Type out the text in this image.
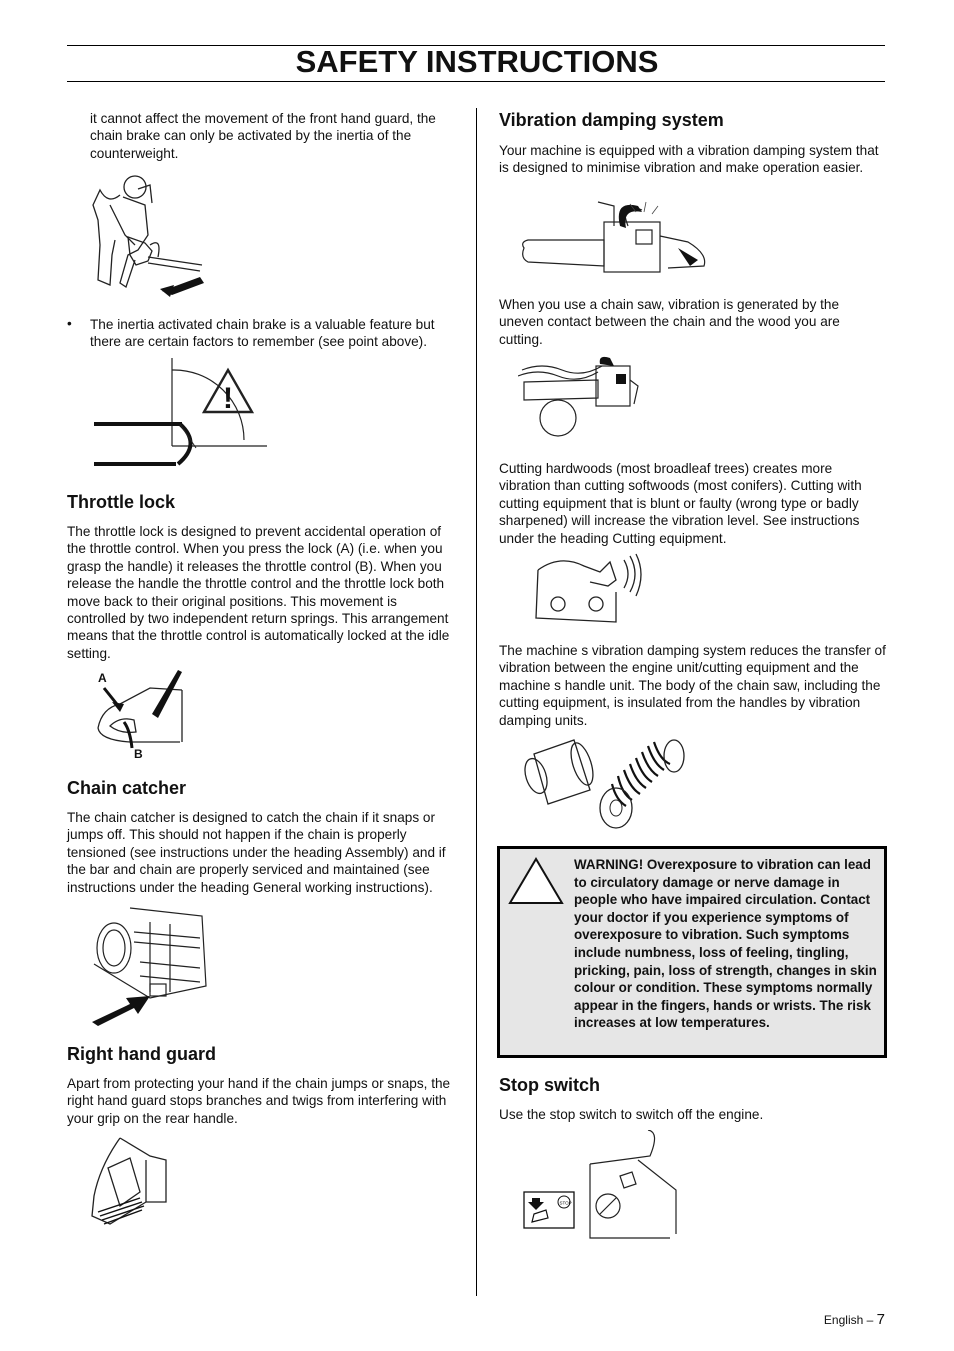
SAFETY INSTRUCTIONS
it cannot affect the movement of the front hand guard, the chain brake can only be activated by the inertia of the counterweight.
• The inertia activated chain brake is a valuable feature but there are certain factors to remember (see point above).
!
Throttle lock
The throttle lock is designed to prevent accidental operation of the throttle control. When you press the lock (A) (i.e. when you grasp the handle) it releases the throttle control (B). When you release the handle the throttle control and the throttle lock both move back to their original positions. This movement is controlled by two independent return springs. This arrangement means that the throttle control is automatically locked at the idle setting.
A
B
Chain catcher
The chain catcher is designed to catch the chain if it snaps or jumps off. This should not happen if the chain is properly tensioned (see instructions under the heading Assembly) and if the bar and chain are properly serviced and maintained (see instructions under the heading General working instructions).
Right hand guard
Apart from protecting your hand if the chain jumps or snaps, the right hand guard stops branches and twigs from interfering with your grip on the rear handle.
Vibration damping system
Your machine is equipped with a vibration damping system that is designed to minimise vibration and make operation easier.
When you use a chain saw, vibration is generated by the uneven contact between the chain and the wood you are cutting.
Cutting hardwoods (most broadleaf trees) creates more vibration than cutting softwoods (most conifers). Cutting with cutting equipment that is blunt or faulty (wrong type or badly sharpened) will increase the vibration level. See instructions under the heading Cutting equipment.
The machine s vibration damping system reduces the transfer of vibration between the engine unit/cutting equipment and the machine s handle unit. The body of the chain saw, including the cutting equipment, is insulated from the handles by vibration damping units.
WARNING! Overexposure to vibration can lead to circulatory damage or nerve damage in people who have impaired circulation. Contact your doctor if you experience symptoms of overexposure to vibration. Such symptoms include numbness, loss of feeling, tingling, pricking, pain, loss of strength, changes in skin colour or condition. These symptoms normally appear in the fingers, hands or wrists. The risk increases at low temperatures.
Stop switch
Use the stop switch to switch off the engine.
STOP
English – 7
